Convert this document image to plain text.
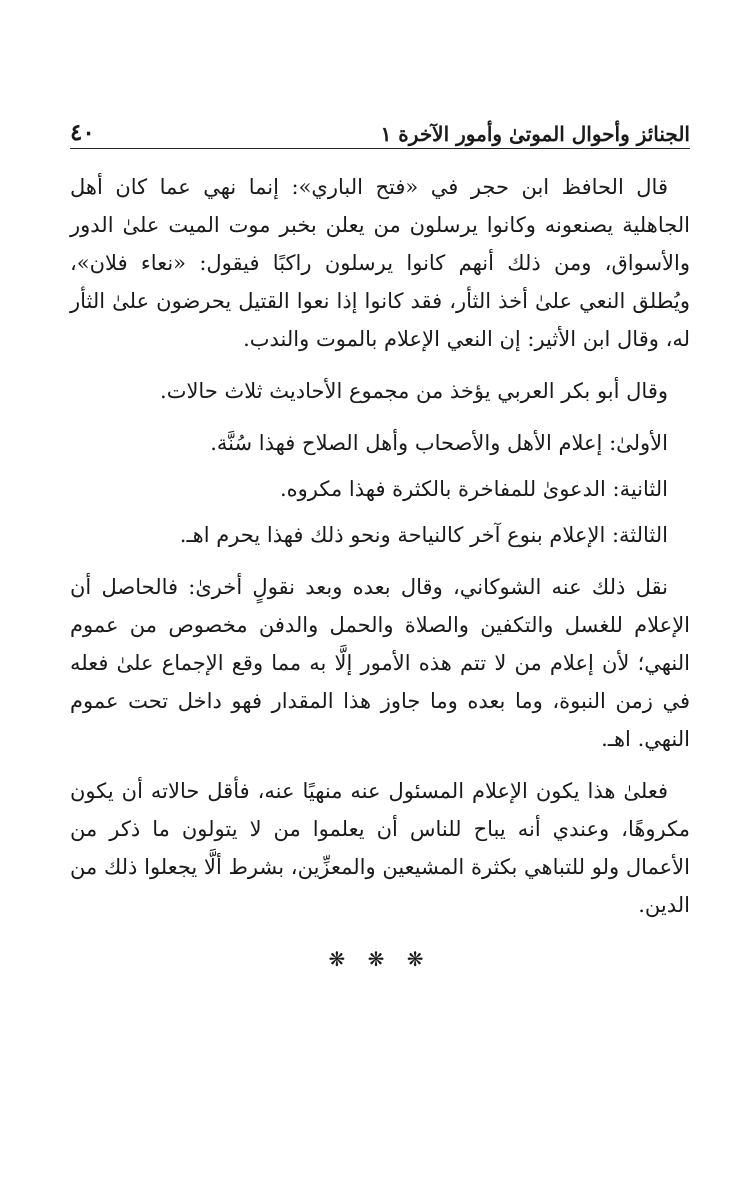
الجنائز وأحوال الموتىٰ وأمور الآخرة ١
٤٠

قال الحافظ ابن حجر في «فتح الباري»: إنما نهي عما كان أهل الجاهلية يصنعونه وكانوا يرسلون من يعلن بخبر موت الميت علىٰ الدور والأسواق، ومن ذلك أنهم كانوا يرسلون راكبًا فيقول: «نعاء فلان»، ويُطلق النعي علىٰ أخذ الثأر، فقد كانوا إذا نعوا القتيل يحرضون علىٰ الثأر له، وقال ابن الأثير: إن النعي الإعلام بالموت والندب.

وقال أبو بكر العربي يؤخذ من مجموع الأحاديث ثلاث حالات.

الأولىٰ: إعلام الأهل والأصحاب وأهل الصلاح فهذا سُنَّة.
الثانية: الدعوىٰ للمفاخرة بالكثرة فهذا مكروه.
الثالثة: الإعلام بنوع آخر كالنياحة ونحو ذلك فهذا يحرم اهـ.

نقل ذلك عنه الشوكاني، وقال بعده وبعد نقولٍ أخرىٰ: فالحاصل أن الإعلام للغسل والتكفين والصلاة والحمل والدفن مخصوص من عموم النهي؛ لأن إعلام من لا تتم هذه الأمور إلَّا به مما وقع الإجماع علىٰ فعله في زمن النبوة، وما بعده وما جاوز هذا المقدار فهو داخل تحت عموم النهي. اهـ.

فعلىٰ هذا يكون الإعلام المسئول عنه منهيًا عنه، فأقل حالاته أن يكون مكروهًا، وعندي أنه يباح للناس أن يعلموا من لا يتولون ما ذكر من الأعمال ولو للتباهي بكثرة المشيعين والمعزِّين، بشرط ألَّا يجعلوا ذلك من الدين.

❋ ❋ ❋
